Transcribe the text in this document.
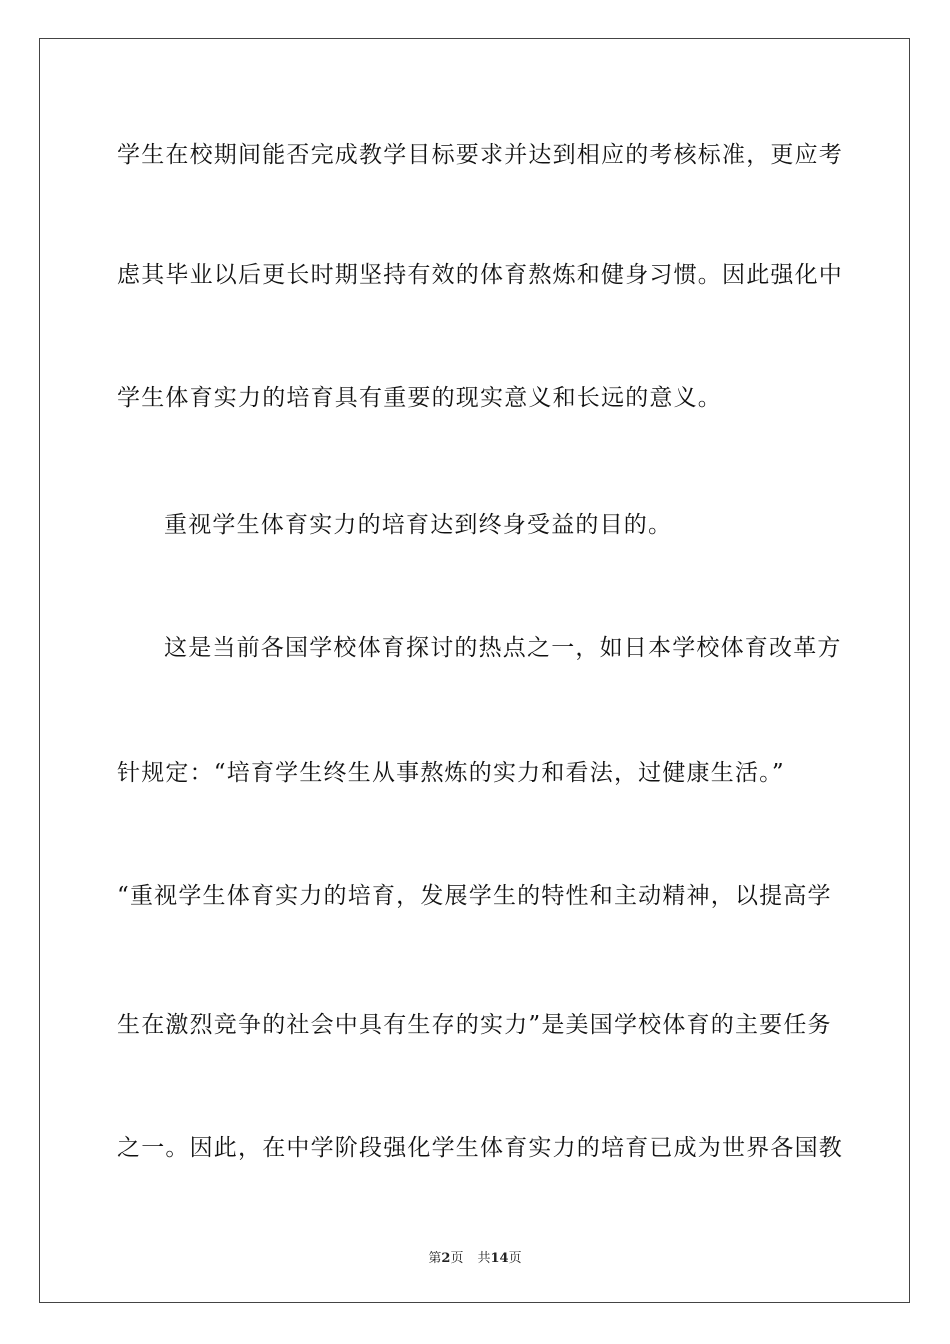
学生在校期间能否完成教学目标要求并达到相应的考核标准，更应考
虑其毕业以后更长时期坚持有效的体育熬炼和健身习惯。因此强化中
学生体育实力的培育具有重要的现实意义和长远的意义。
重视学生体育实力的培育达到终身受益的目的。
这是当前各国学校体育探讨的热点之一，如日本学校体育改革方
针规定：“培育学生终生从事熬炼的实力和看法，过健康生活。”
“重视学生体育实力的培育，发展学生的特性和主动精神，以提高学
生在激烈竞争的社会中具有生存的实力”是美国学校体育的主要任务
之一。因此，在中学阶段强化学生体育实力的培育已成为世界各国教
第2页 共14页
